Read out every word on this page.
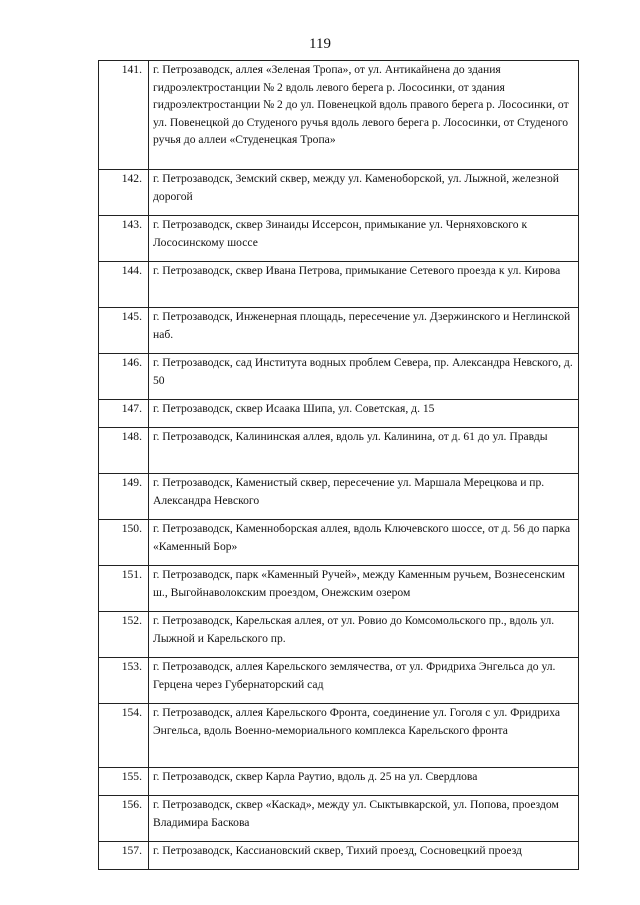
119
141.	г. Петрозаводск, аллея «Зеленая Тропа», от ул. Антикайнена до здания гидроэлектростанции № 2 вдоль левого берега р. Лососинки, от здания гидроэлектростанции № 2 до ул. Повенецкой вдоль правого берега р. Лососинки, от ул. Повенецкой до Студеного ручья вдоль левого берега р. Лососинки, от Студеного ручья до аллеи «Студенецкая Тропа»
142.	г. Петрозаводск, Земский сквер, между ул. Каменоборской, ул. Лыжной, железной дорогой
143.	г. Петрозаводск, сквер Зинаиды Иссерсон, примыкание ул. Черняховского к Лососинскому шоссе
144.	г. Петрозаводск, сквер Ивана Петрова, примыкание Сетевого проезда к ул. Кирова
145.	г. Петрозаводск, Инженерная площадь, пересечение ул. Дзержинского и Неглинской наб.
146.	г. Петрозаводск, сад Института водных проблем Севера, пр. Александра Невского, д. 50
147.	г. Петрозаводск, сквер Исаака Шипа, ул. Советская, д. 15
148.	г. Петрозаводск, Калининская аллея, вдоль ул. Калинина, от д. 61 до ул. Правды
149.	г. Петрозаводск, Каменистый сквер, пересечение ул. Маршала Мерецкова и пр. Александра Невского
150.	г. Петрозаводск, Каменноборская аллея, вдоль Ключевского шоссе, от д. 56 до парка «Каменный Бор»
151.	г. Петрозаводск, парк «Каменный Ручей», между Каменным ручьем, Вознесенским ш., Выгойнаволокским проездом, Онежским озером
152.	г. Петрозаводск, Карельская аллея, от ул. Ровио до Комсомольского пр., вдоль ул. Лыжной и Карельского пр.
153.	г. Петрозаводск, аллея Карельского землячества, от ул. Фридриха Энгельса до ул. Герцена через Губернаторский сад
154.	г. Петрозаводск, аллея Карельского Фронта, соединение ул. Гоголя с ул. Фридриха Энгельса, вдоль Военно-мемориального комплекса Карельского фронта
155.	г. Петрозаводск, сквер Карла Раутио, вдоль д. 25 на ул. Свердлова
156.	г. Петрозаводск, сквер «Каскад», между ул. Сыктывкарской, ул. Попова, проездом Владимира Баскова
157.	г. Петрозаводск, Кассиановский сквер, Тихий проезд, Сосновецкий проезд
